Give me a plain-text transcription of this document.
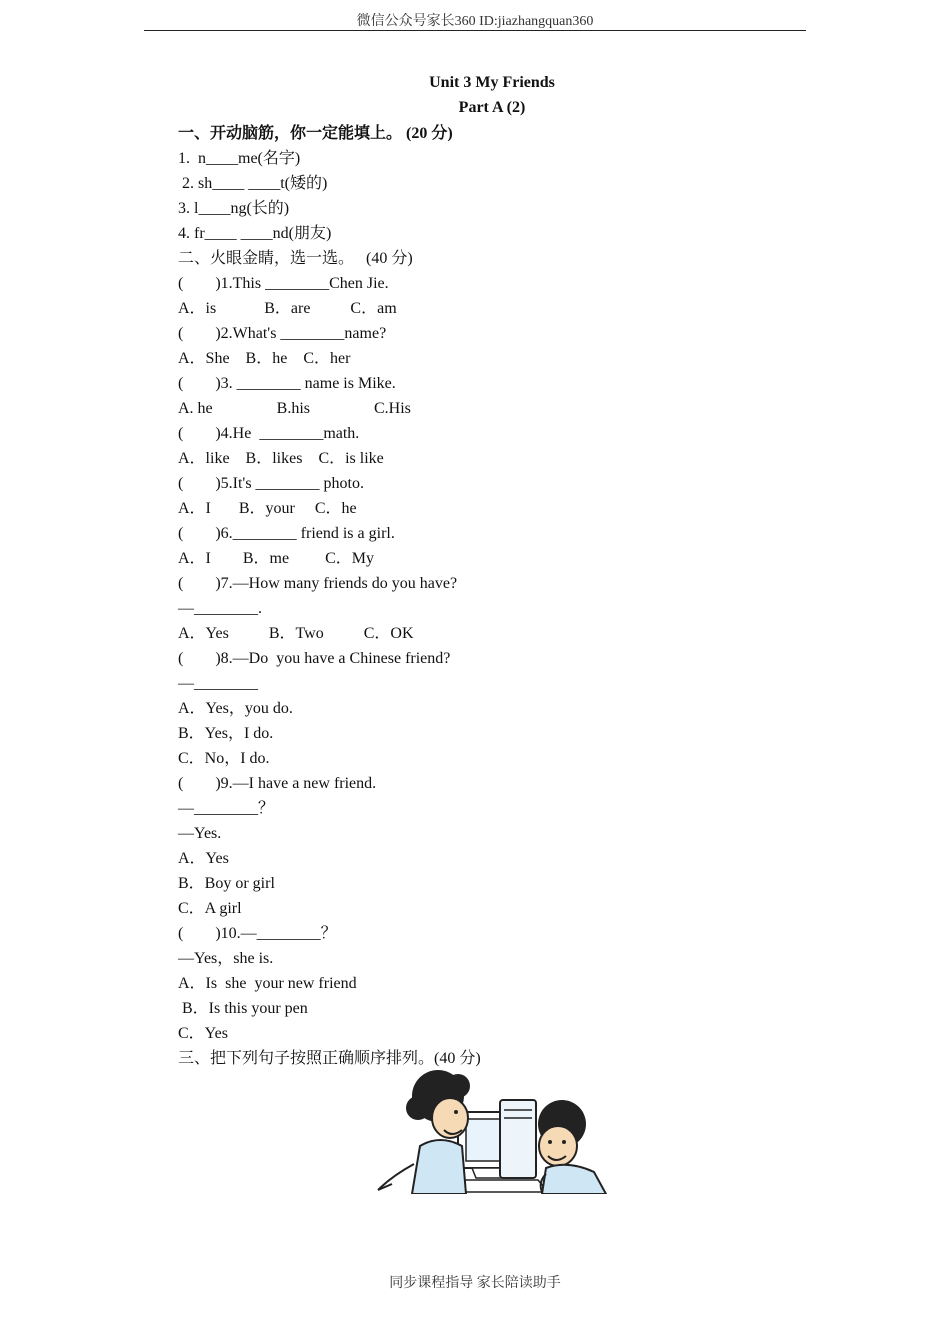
微信公众号家长360 ID:jiazhangquan360
Unit 3 My Friends
Part A (2)
一、开动脑筋，你一定能填上。 (20 分)
1.  n____me(名字)
2. sh____ ____t(矮的)
3. l____ng(长的)
4. fr____ ____nd(朋友)
二、火眼金睛，选一选。   (40 分)
(        )1.This ________Chen Jie.
A．is            B．are          C．am
(        )2.What's ________name?
A．She    B．he    C．her
(        )3. ________ name is Mike.
A. he                B.his                C.His
(        )4.He  ________math.
A．like    B．likes    C．is like
(        )5.It's ________ photo.
A．I       B．your     C．he
(        )6.________ friend is a girl.
A．I        B．me         C．My
(        )7.—How many friends do you have?
—________.
A．Yes          B．Two          C．OK
(        )8.—Do  you have a Chinese friend?
—________
A．Yes，you do.
B．Yes，I do.
C．No，I do.
(        )9.—I have a new friend.
—________？
—Yes.
A．Yes
B．Boy or girl
C．A girl
(        )10.—________？
—Yes，she is.
A．Is  she  your new friend
B．Is this your pen
C．Yes
三、把下列句子按照正确顺序排列。(40 分)
同步课程指导 家长陪读助手
